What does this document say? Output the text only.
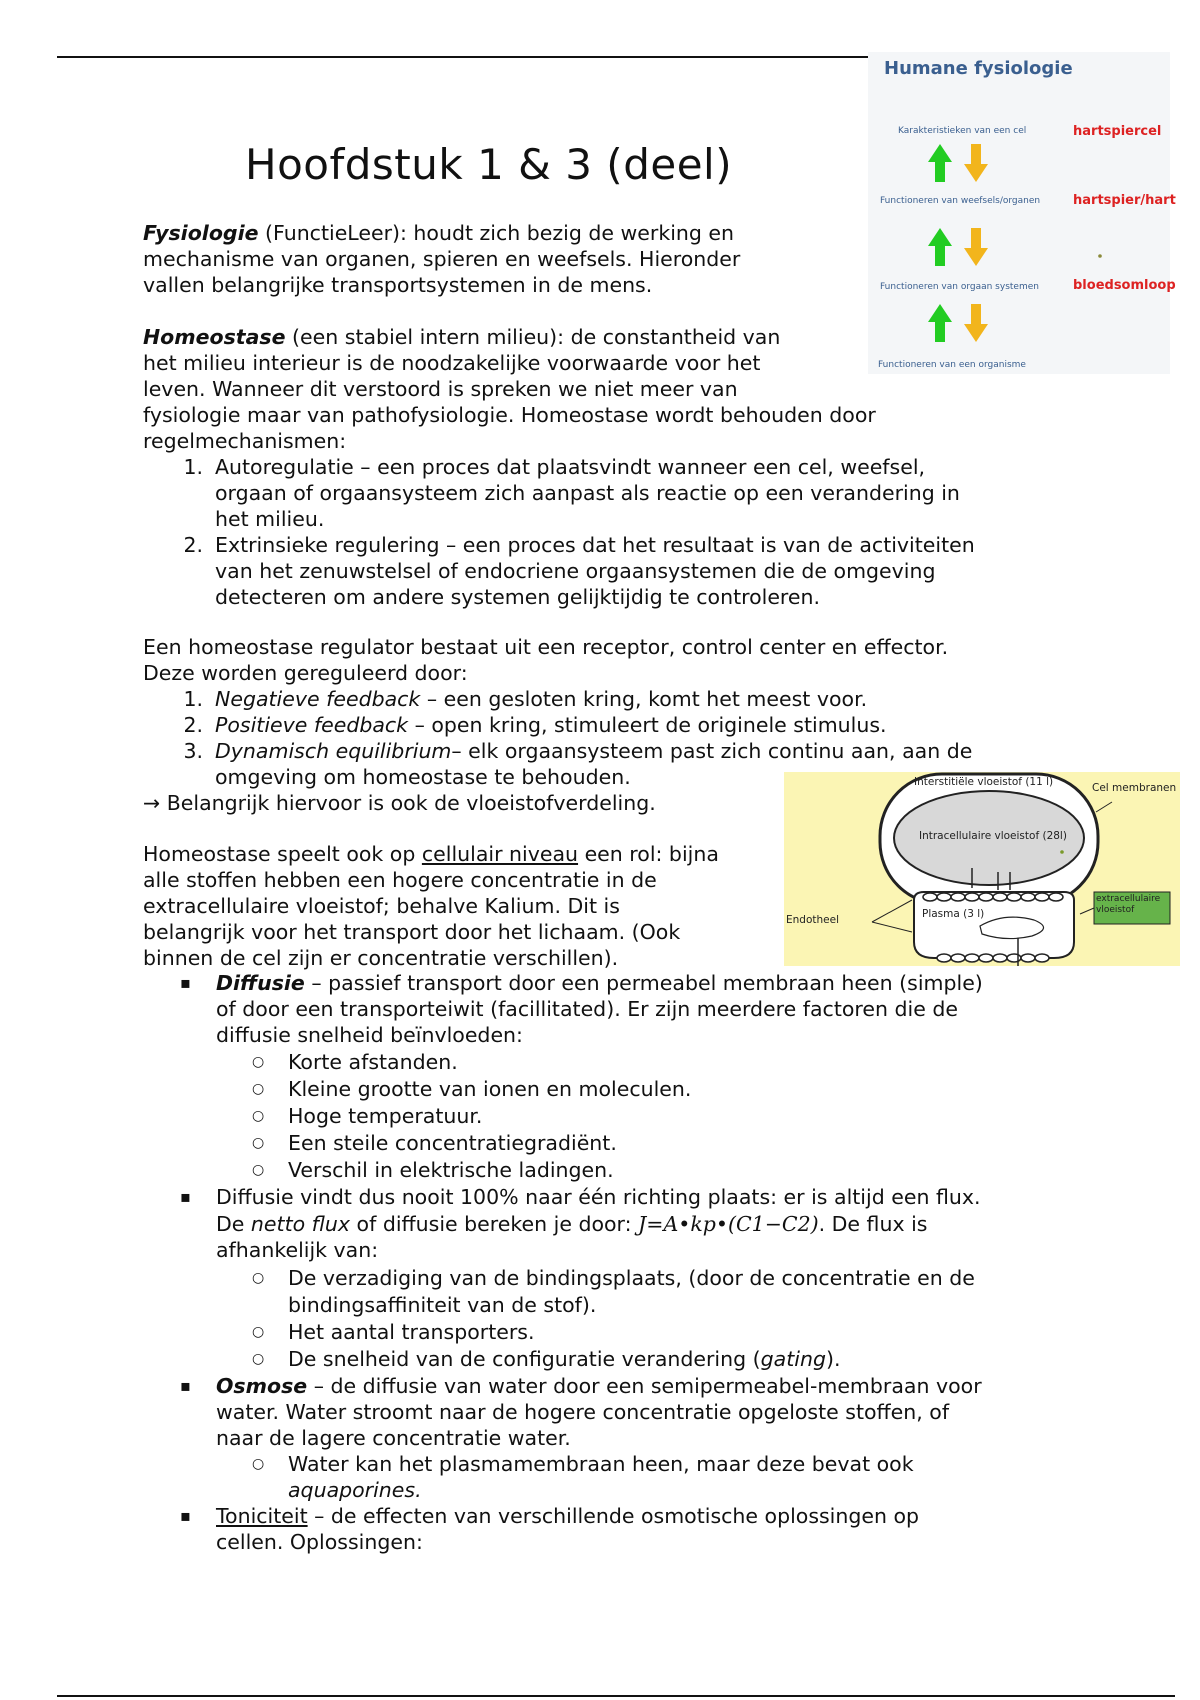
Hoofdstuk 1 & 3 (deel)
Fysiologie (FunctieLeer): houdt zich bezig de werking en
mechanisme van organen, spieren en weefsels. Hieronder
vallen belangrijke transportsystemen in de mens.
Homeostase (een stabiel intern milieu): de constantheid van
het milieu interieur is de noodzakelijke voorwaarde voor het
leven. Wanneer dit verstoord is spreken we niet meer van
fysiologie maar van pathofysiologie. Homeostase wordt behouden door
regelmechanismen:
1. Autoregulatie – een proces dat plaatsvindt wanneer een cel, weefsel,
orgaan of orgaansysteem zich aanpast als reactie op een verandering in
het milieu.
2. Extrinsieke regulering – een proces dat het resultaat is van de activiteiten
van het zenuwstelsel of endocriene orgaansystemen die de omgeving
detecteren om andere systemen gelijktijdig te controleren.
Een homeostase regulator bestaat uit een receptor, control center en effector.
Deze worden gereguleerd door:
1. Negatieve feedback – een gesloten kring, komt het meest voor.
2. Positieve feedback – open kring, stimuleert de originele stimulus.
3. Dynamisch equilibrium– elk orgaansysteem past zich continu aan, aan de
omgeving om homeostase te behouden.
→ Belangrijk hiervoor is ook de vloeistofverdeling.
Homeostase speelt ook op cellulair niveau een rol: bijna
alle stoffen hebben een hogere concentratie in de
extracellulaire vloeistof; behalve Kalium. Dit is
belangrijk voor het transport door het lichaam. (Ook
binnen de cel zijn er concentratie verschillen).
▪ Diffusie – passief transport door een permeabel membraan heen (simple)
of door een transporteiwit (facillitated). Er zijn meerdere factoren die de
diffusie snelheid beïnvloeden:
○ Korte afstanden.
○ Kleine grootte van ionen en moleculen.
○ Hoge temperatuur.
○ Een steile concentratiegradiënt.
○ Verschil in elektrische ladingen.
▪ Diffusie vindt dus nooit 100% naar één richting plaats: er is altijd een flux.
De netto flux of diffusie bereken je door: J=A•kp•(C1−C2). De flux is
afhankelijk van:
○ De verzadiging van de bindingsplaats, (door de concentratie en de
bindingsaffiniteit van de stof).
○ Het aantal transporters.
○ De snelheid van de configuratie verandering (gating).
▪ Osmose – de diffusie van water door een semipermeabel-membraan voor
water. Water stroomt naar de hogere concentratie opgeloste stoffen, of
naar de lagere concentratie water.
○ Water kan het plasmamembraan heen, maar deze bevat ook
aquaporines.
▪ Toniciteit – de effecten van verschillende osmotische oplossingen op
cellen. Oplossingen:
Humane fysiologie
Karakteristieken van een cel
Functioneren van weefsels/organen
Functioneren van orgaan systemen
Functioneren van een organisme
hartspiercel
hartspier/hart
bloedsomloop
Interstitiële vloeistof (11 l)
Intracellulaire vloeistof (28l)
Plasma (3 l)
Cel membranen
Endotheel
extracellulaire vloeistof
